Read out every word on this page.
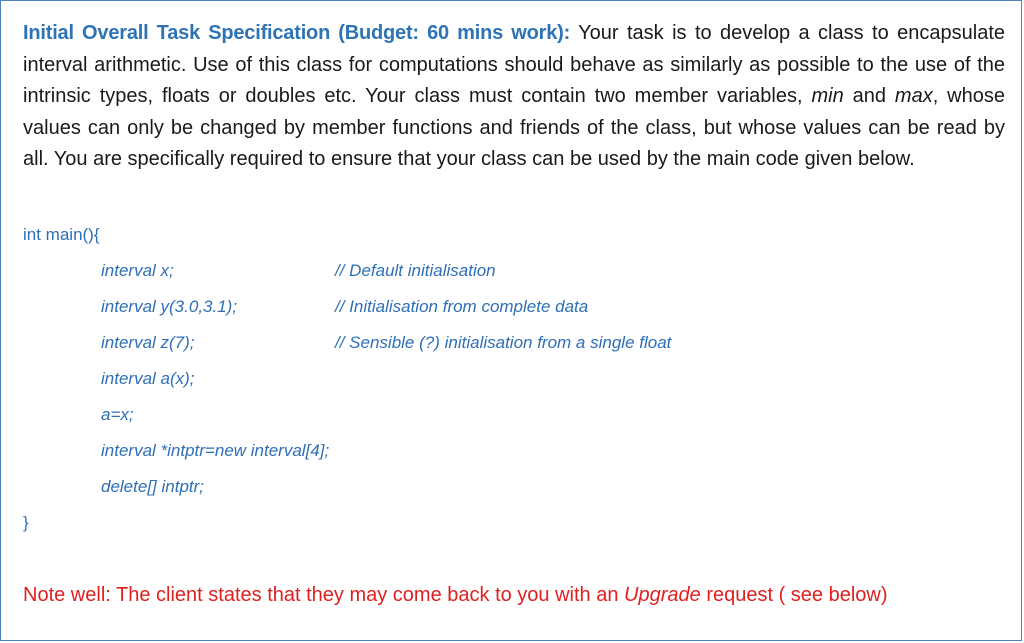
Initial Overall Task Specification (Budget: 60 mins work): Your task is to develop a class to encapsulate interval arithmetic. Use of this class for computations should behave as similarly as possible to the use of the intrinsic types, floats or doubles etc. Your class must contain two member variables, min and max, whose values can only be changed by member functions and friends of the class, but whose values can be read by all. You are specifically required to ensure that your class can be used by the main code given below.
int main(){
interval x;	// Default initialisation
interval y(3.0,3.1);	// Initialisation from complete data
interval z(7);	// Sensible (?) initialisation from a single float
interval a(x);
a=x;
interval *intptr=new interval[4];
delete[] intptr;
}
Note well: The client states that they may come back to you with an Upgrade request ( see below)
